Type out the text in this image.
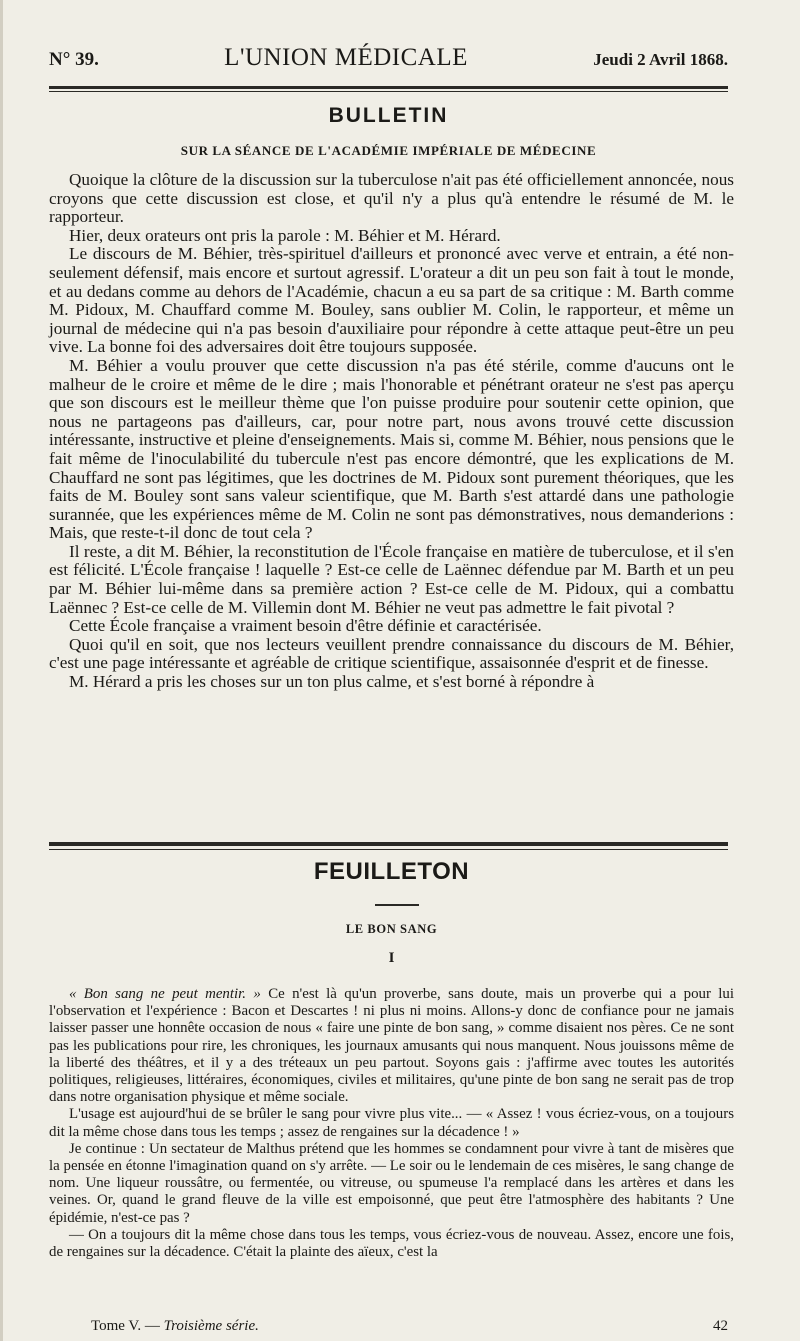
N° 39.	L'UNION MÉDICALE	Jeudi 2 Avril 1868.
BULLETIN
SUR LA SÉANCE DE L'ACADÉMIE IMPÉRIALE DE MÉDECINE

Quoique la clôture de la discussion sur la tuberculose n'ait pas été officiellement annoncée, nous croyons que cette discussion est close, et qu'il n'y a plus qu'à entendre le résumé de M. le rapporteur.

Hier, deux orateurs ont pris la parole : M. Béhier et M. Hérard.

Le discours de M. Béhier, très-spirituel d'ailleurs et prononcé avec verve et entrain, a été non-seulement défensif, mais encore et surtout agressif. L'orateur a dit un peu son fait à tout le monde, et au dedans comme au dehors de l'Académie, chacun a eu sa part de sa critique : M. Barth comme M. Pidoux, M. Chauffard comme M. Bouley, sans oublier M. Colin, le rapporteur, et même un journal de médecine qui n'a pas besoin d'auxiliaire pour répondre à cette attaque peut-être un peu vive. La bonne foi des adversaires doit être toujours supposée.

M. Béhier a voulu prouver que cette discussion n'a pas été stérile, comme d'aucuns ont le malheur de le croire et même de le dire ; mais l'honorable et pénétrant orateur ne s'est pas aperçu que son discours est le meilleur thème que l'on puisse produire pour soutenir cette opinion, que nous ne partageons pas d'ailleurs, car, pour notre part, nous avons trouvé cette discussion intéressante, instructive et pleine d'enseignements. Mais si, comme M. Béhier, nous pensions que le fait même de l'inoculabilité du tubercule n'est pas encore démontré, que les explications de M. Chauffard ne sont pas légitimes, que les doctrines de M. Pidoux sont purement théoriques, que les faits de M. Bouley sont sans valeur scientifique, que M. Barth s'est attardé dans une pathologie surannée, que les expériences même de M. Colin ne sont pas démonstratives, nous demanderions : Mais, que reste-t-il donc de tout cela ?

Il reste, a dit M. Béhier, la reconstitution de l'École française en matière de tuberculose, et il s'en est félicité. L'École française ! laquelle ? Est-ce celle de Laënnec défendue par M. Barth et un peu par M. Béhier lui-même dans sa première action ? Est-ce celle de M. Pidoux, qui a combattu Laënnec ? Est-ce celle de M. Villemin dont M. Béhier ne veut pas admettre le fait pivotal ?

Cette École française a vraiment besoin d'être définie et caractérisée.

Quoi qu'il en soit, que nos lecteurs veuillent prendre connaissance du discours de M. Béhier, c'est une page intéressante et agréable de critique scientifique, assaisonnée d'esprit et de finesse.

M. Hérard a pris les choses sur un ton plus calme, et s'est borné à répondre à

FEUILLETON
LE BON SANG
I

« Bon sang ne peut mentir. » Ce n'est là qu'un proverbe, sans doute, mais un proverbe qui a pour lui l'observation et l'expérience : Bacon et Descartes ! ni plus ni moins. Allons-y donc de confiance pour ne jamais laisser passer une honnête occasion de nous « faire une pinte de bon sang, » comme disaient nos pères. Ce ne sont pas les publications pour rire, les chroniques, les journaux amusants qui nous manquent. Nous jouissons même de la liberté des théâtres, et il y a des tréteaux un peu partout. Soyons gais : j'affirme avec toutes les autorités politiques, religieuses, littéraires, économiques, civiles et militaires, qu'une pinte de bon sang ne serait pas de trop dans notre organisation physique et même sociale.

L'usage est aujourd'hui de se brûler le sang pour vivre plus vite... — « Assez ! vous écriez-vous, on a toujours dit la même chose dans tous les temps ; assez de rengaines sur la décadence ! »

Je continue : Un sectateur de Malthus prétend que les hommes se condamnent pour vivre à tant de misères que la pensée en étonne l'imagination quand on s'y arrête. — Le soir ou le lendemain de ces misères, le sang change de nom. Une liqueur roussâtre, ou fermentée, ou vitreuse, ou spumeuse l'a remplacé dans les artères et dans les veines. Or, quand le grand fleuve de la ville est empoisonné, que peut être l'atmosphère des habitants ? Une épidémie, n'est-ce pas ?

— On a toujours dit la même chose dans tous les temps, vous écriez-vous de nouveau. Assez, encore une fois, de rengaines sur la décadence. C'était la plainte des aïeux, c'est la

Tome V. — Troisième série.	42
